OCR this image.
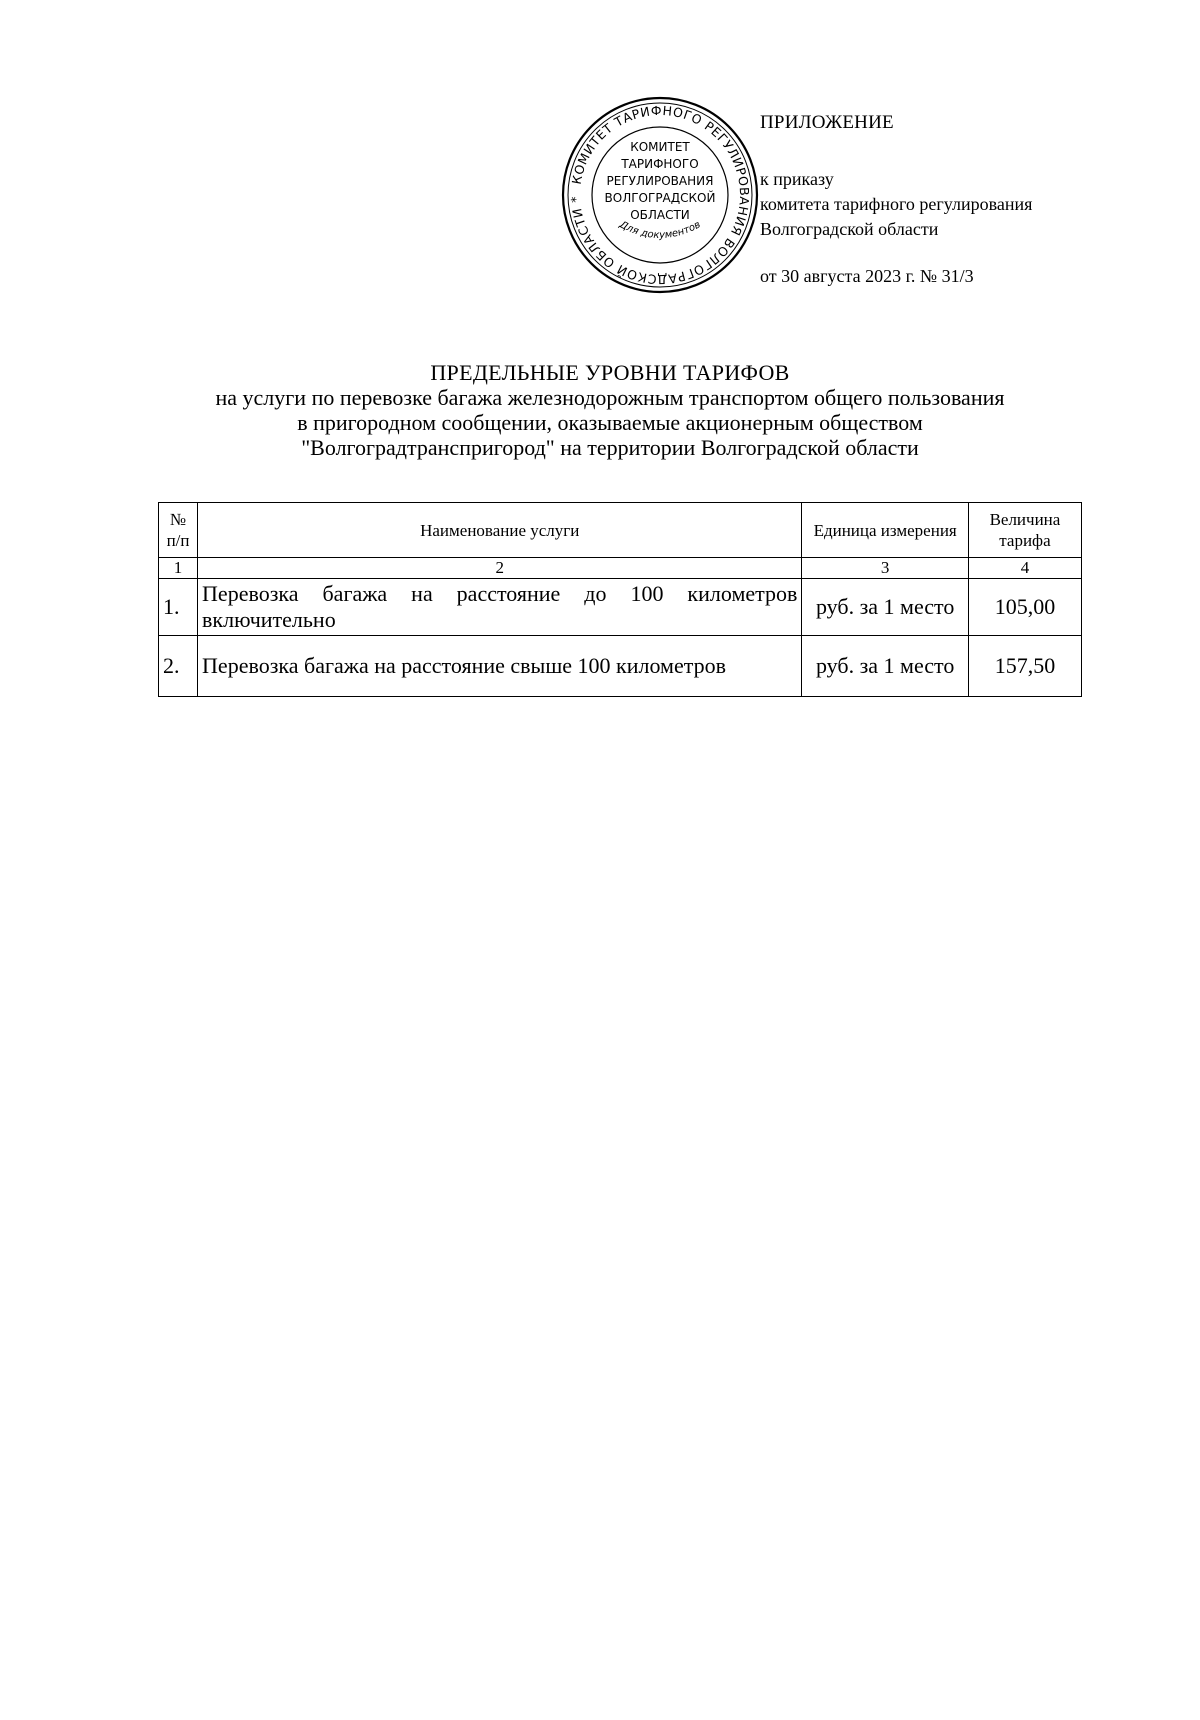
КОМИТЕТ ТАРИФНОГО РЕГУЛИРОВАНИЯ ВОЛГОГРАДСКОЙ ОБЛАСТИ *
КОМИТЕТ
ТАРИФНОГО
РЕГУЛИРОВАНИЯ
ВОЛГОГРАДСКОЙ
ОБЛАСТИ
Для документов
ПРИЛОЖЕНИЕ
к приказу
комитета тарифного регулирования
Волгоградской области
от 30 августа 2023 г. № 31/3
ПРЕДЕЛЬНЫЕ УРОВНИ ТАРИФОВ
на услуги по перевозке багажа железнодорожным транспортом общего пользования
в пригородном сообщении, оказываемые акционерным обществом
"Волгоградтранспригород" на территории Волгоградской области
№ п/п	Наименование услуги	Единица измерения	Величина тарифа
1	2	3	4
1.	Перевозка багажа на расстояние до 100 километров включительно	руб. за 1 место	105,00
2.	Перевозка багажа на расстояние свыше 100 километров	руб. за 1 место	157,50
